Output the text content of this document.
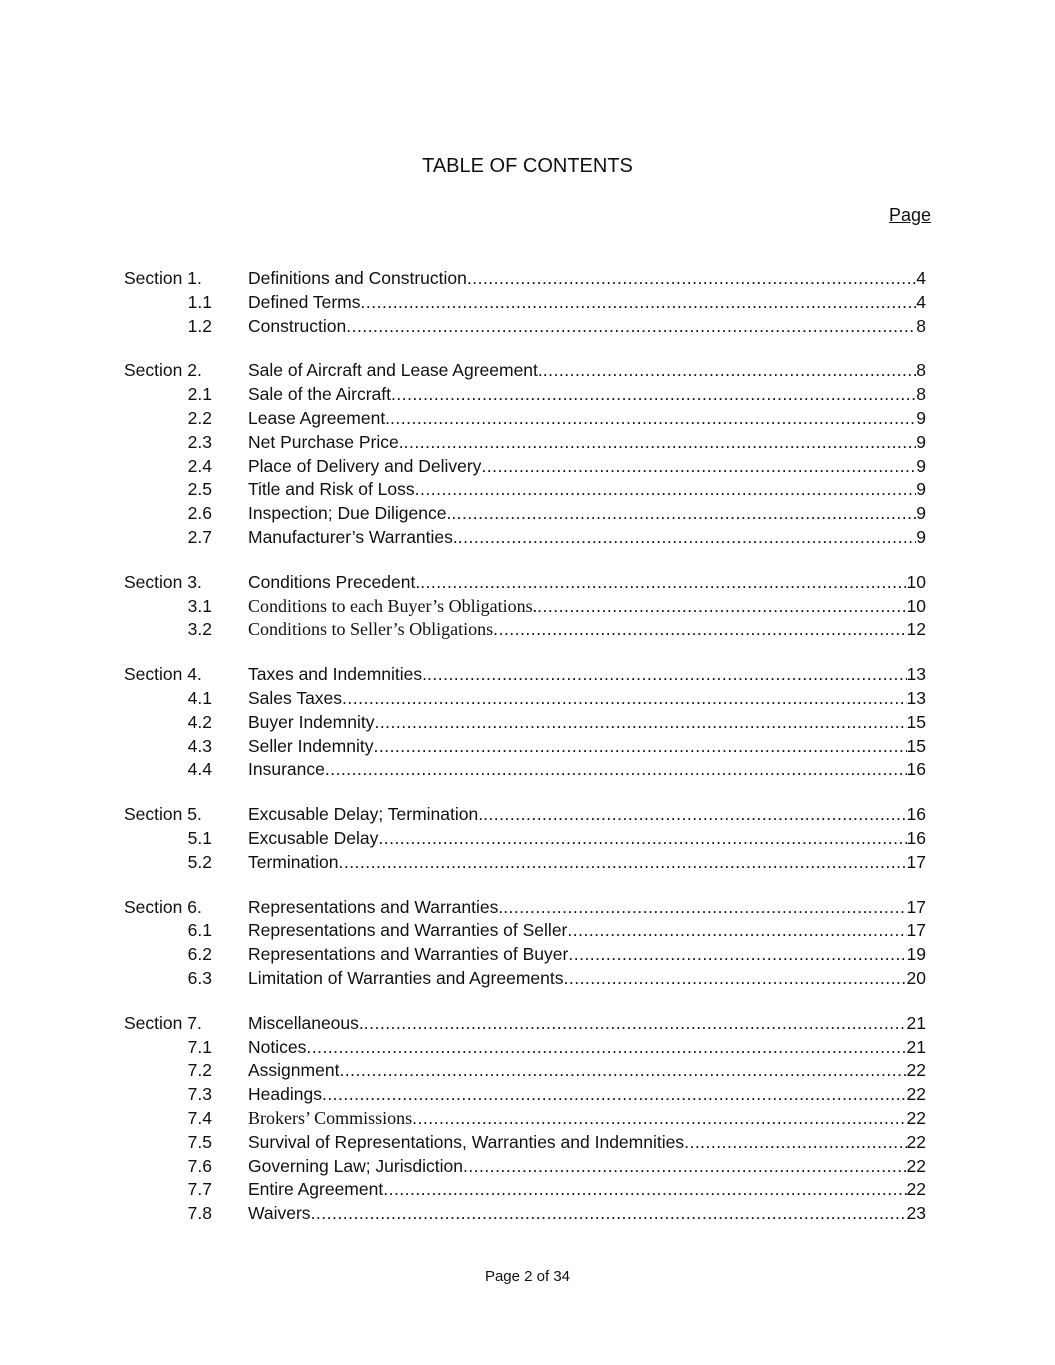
TABLE OF CONTENTS
Page
Section 1.	Definitions and Construction .....	4
1.1	Defined Terms .....	4
1.2	Construction .....	8
Section 2.	Sale of Aircraft and Lease Agreement. .....	8
2.1	Sale of the Aircraft .....	8
2.2	Lease Agreement. .....	9
2.3	Net Purchase Price. .....	9
2.4	Place of Delivery and Delivery .....	9
2.5	Title and Risk of Loss .....	9
2.6	Inspection; Due Diligence. .....	9
2.7	Manufacturer’s Warranties. .....	9
Section 3.	Conditions Precedent. .....	10
3.1	Conditions to each Buyer’s Obligations. .....	10
3.2	Conditions to Seller’s Obligations .....	12
Section 4.	Taxes and Indemnities. .....	13
4.1	Sales Taxes .....	13
4.2	Buyer Indemnity .....	15
4.3	Seller Indemnity .....	15
4.4	Insurance .....	16
Section 5.	Excusable Delay; Termination. .....	16
5.1	Excusable Delay .....	16
5.2	Termination .....	17
Section 6.	Representations and Warranties. .....	17
6.1	Representations and Warranties of Seller .....	17
6.2	Representations and Warranties of Buyer .....	19
6.3	Limitation of Warranties and Agreements .....	20
Section 7.	Miscellaneous. .....	21
7.1	Notices .....	21
7.2	Assignment .....	22
7.3	Headings .....	22
7.4	Brokers’ Commissions .....	22
7.5	Survival of Representations, Warranties and Indemnities .....	22
7.6	Governing Law; Jurisdiction .....	22
7.7	Entire Agreement .....	22
7.8	Waivers .....	23
Page 2 of 34
